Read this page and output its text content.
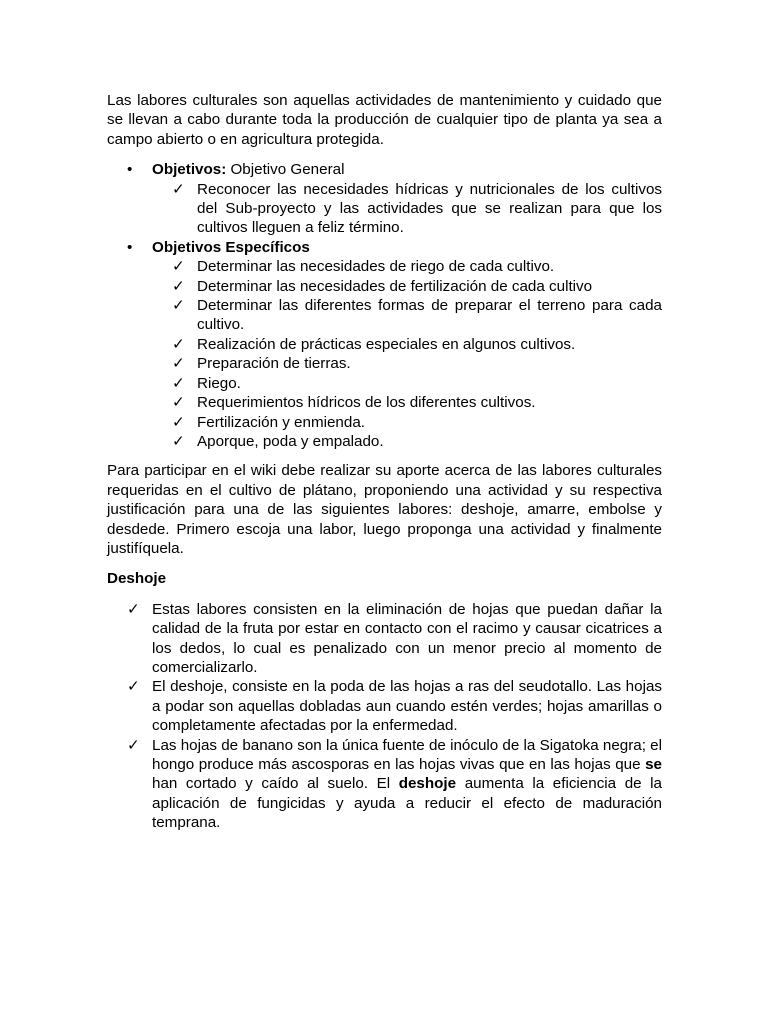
Las labores culturales son aquellas actividades de mantenimiento y cuidado que se llevan a cabo durante toda la producción de cualquier tipo de planta ya sea a campo abierto o en agricultura protegida.

• Objetivos: Objetivo General
✓ Reconocer las necesidades hídricas y nutricionales de los cultivos del Sub-proyecto y las actividades que se realizan para que los cultivos lleguen a feliz término.
• Objetivos Específicos
✓ Determinar las necesidades de riego de cada cultivo.
✓ Determinar las necesidades de fertilización de cada cultivo
✓ Determinar las diferentes formas de preparar el terreno para cada cultivo.
✓ Realización de prácticas especiales en algunos cultivos.
✓ Preparación de tierras.
✓ Riego.
✓ Requerimientos hídricos de los diferentes cultivos.
✓ Fertilización y enmienda.
✓ Aporque, poda y empalado.

Para participar en el wiki debe realizar su aporte acerca de las labores culturales requeridas en el cultivo de plátano, proponiendo una actividad y su respectiva justificación para una de las siguientes labores: deshoje, amarre, embolse y desdede. Primero escoja una labor, luego proponga una actividad y finalmente justifíquela.

Deshoje

✓ Estas labores consisten en la eliminación de hojas que puedan dañar la calidad de la fruta por estar en contacto con el racimo y causar cicatrices a los dedos, lo cual es penalizado con un menor precio al momento de comercializarlo.
✓ El deshoje, consiste en la poda de las hojas a ras del seudotallo. Las hojas a podar son aquellas dobladas aun cuando estén verdes; hojas amarillas o completamente afectadas por la enfermedad.
✓ Las hojas de banano son la única fuente de inóculo de la Sigatoka negra; el hongo produce más ascosporas en las hojas vivas que en las hojas que se han cortado y caído al suelo. El deshoje aumenta la eficiencia de la aplicación de fungicidas y ayuda a reducir el efecto de maduración temprana.
